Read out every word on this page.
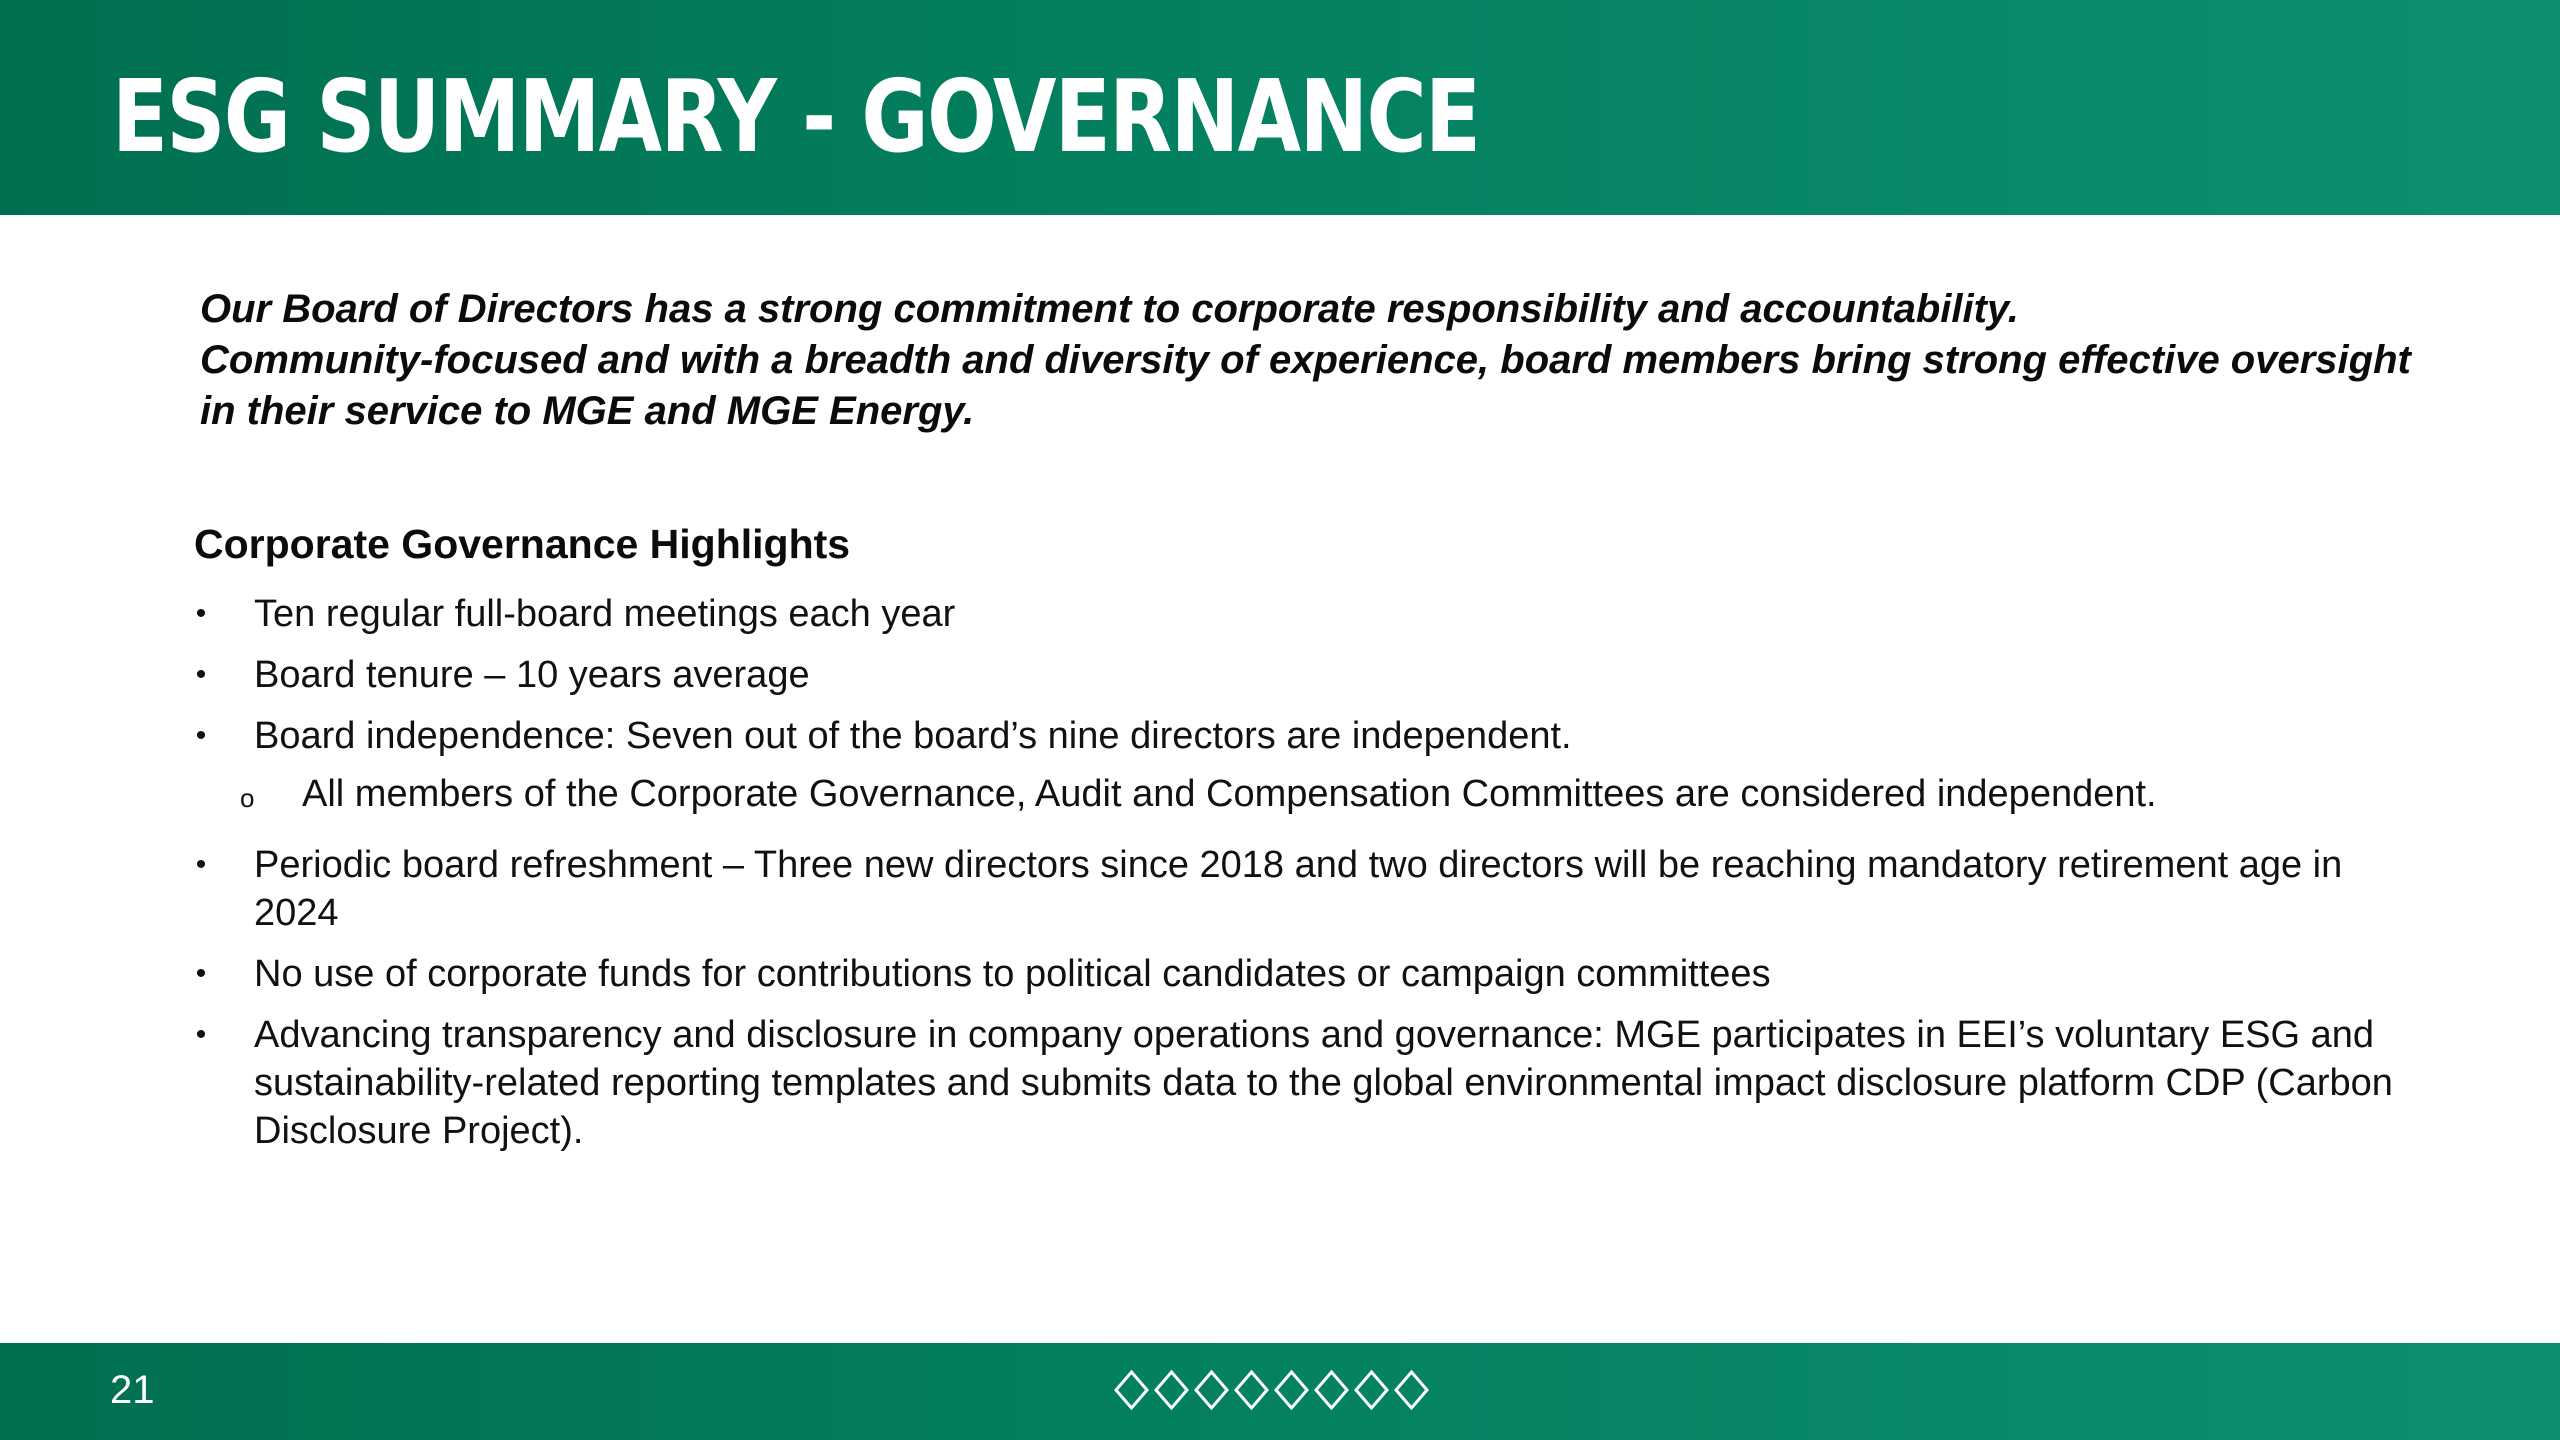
ESG SUMMARY - GOVERNANCE
Our Board of Directors has a strong commitment to corporate responsibility and accountability.
Community-focused and with a breadth and diversity of experience, board members bring strong effective oversight
in their service to MGE and MGE Energy.
Corporate Governance Highlights
• Ten regular full-board meetings each year
• Board tenure – 10 years average
• Board independence: Seven out of the board’s nine directors are independent.
o All members of the Corporate Governance, Audit and Compensation Committees are considered independent.
• Periodic board refreshment – Three new directors since 2018 and two directors will be reaching mandatory retirement age in 2024
• No use of corporate funds for contributions to political candidates or campaign committees
• Advancing transparency and disclosure in company operations and governance: MGE participates in EEI’s voluntary ESG and sustainability-related reporting templates and submits data to the global environmental impact disclosure platform CDP (Carbon Disclosure Project).
21
